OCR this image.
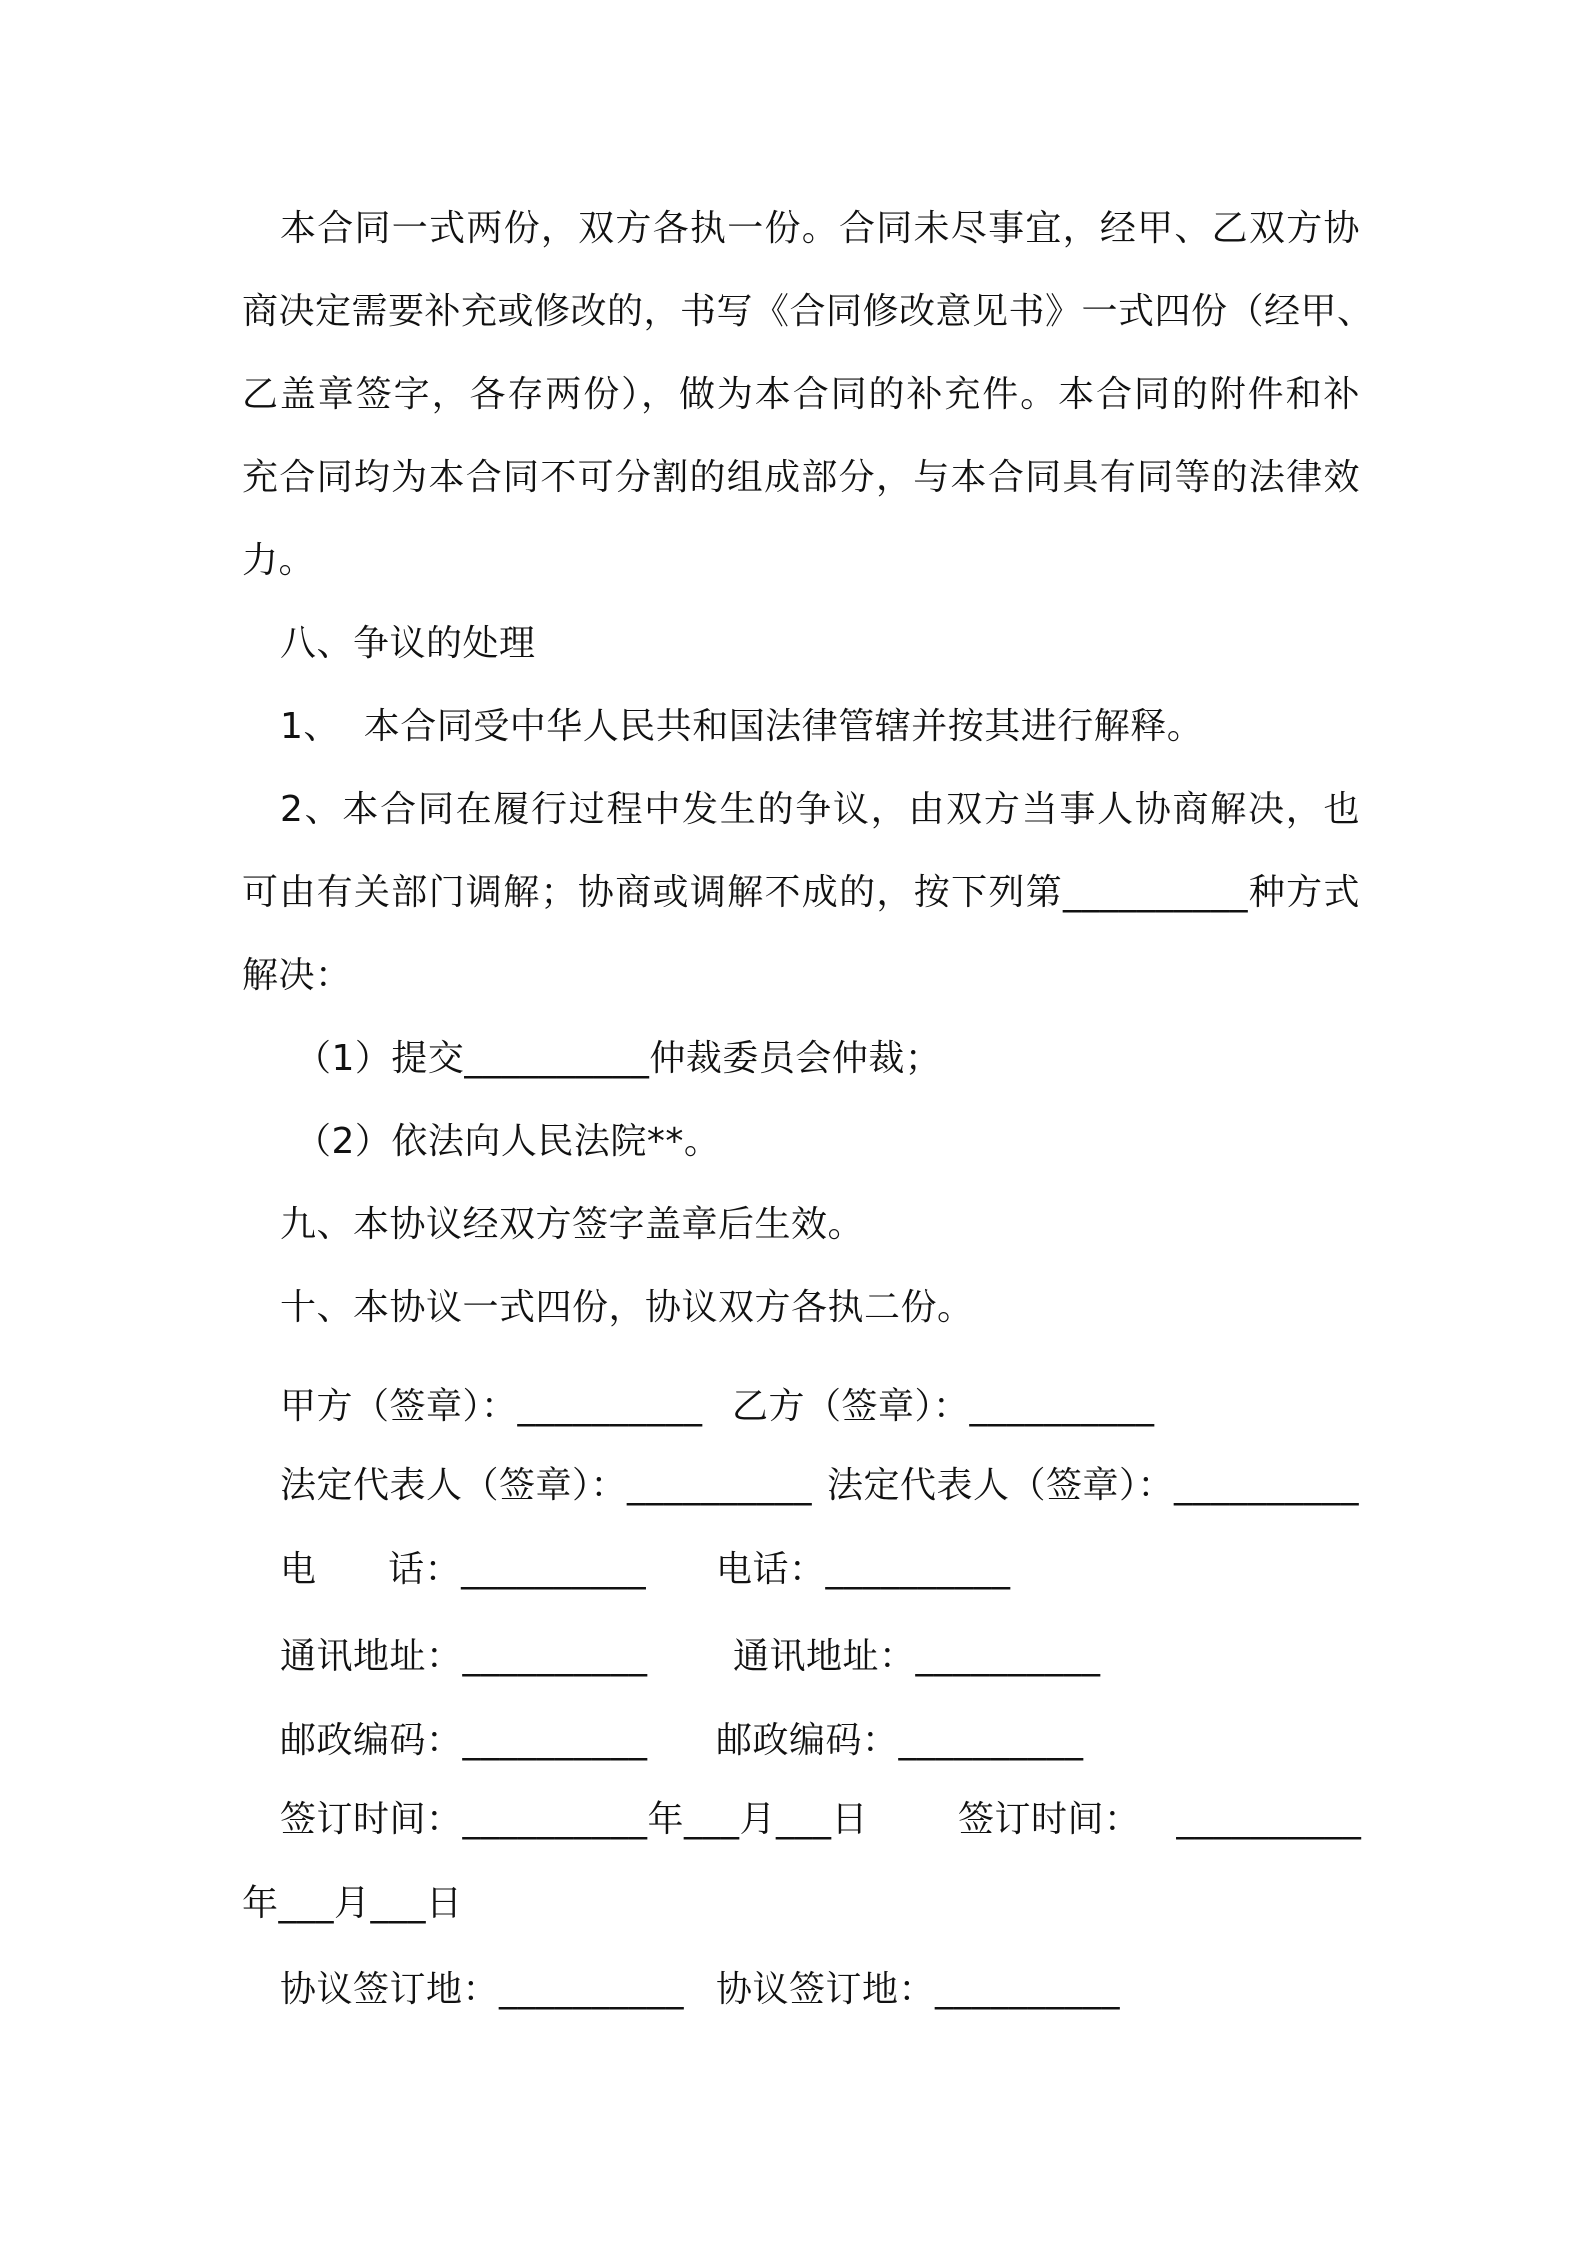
本合同一式两份，双方各执一份。合同未尽事宜，经甲、乙双方协
商决定需要补充或修改的，书写《合同修改意见书》一式四份（经甲、
乙盖章签字，各存两份），做为本合同的补充件。本合同的附件和补
充合同均为本合同不可分割的组成部分，与本合同具有同等的法律效
力。
八、争议的处理
1、  本合同受中华人民共和国法律管辖并按其进行解释。
2、本合同在履行过程中发生的争议，由双方当事人协商解决，也
可由有关部门调解；协商或调解不成的，按下列第__________种方式
解决：
（1）提交__________仲裁委员会仲裁；
（2）依法向人民法院**。
九、本协议经双方签字盖章后生效。
十、本协议一式四份，协议双方各执二份。
甲方（签章）：__________ 乙方（签章）：__________
法定代表人（签章）：__________ 法定代表人（签章）：__________
电      话：__________ 电话：__________
通讯地址：__________ 通讯地址：__________
邮政编码：__________ 邮政编码：__________
签订时间：__________年___月___日 签订时间：   __________
年___月___日
协议签订地：__________ 协议签订地：__________
